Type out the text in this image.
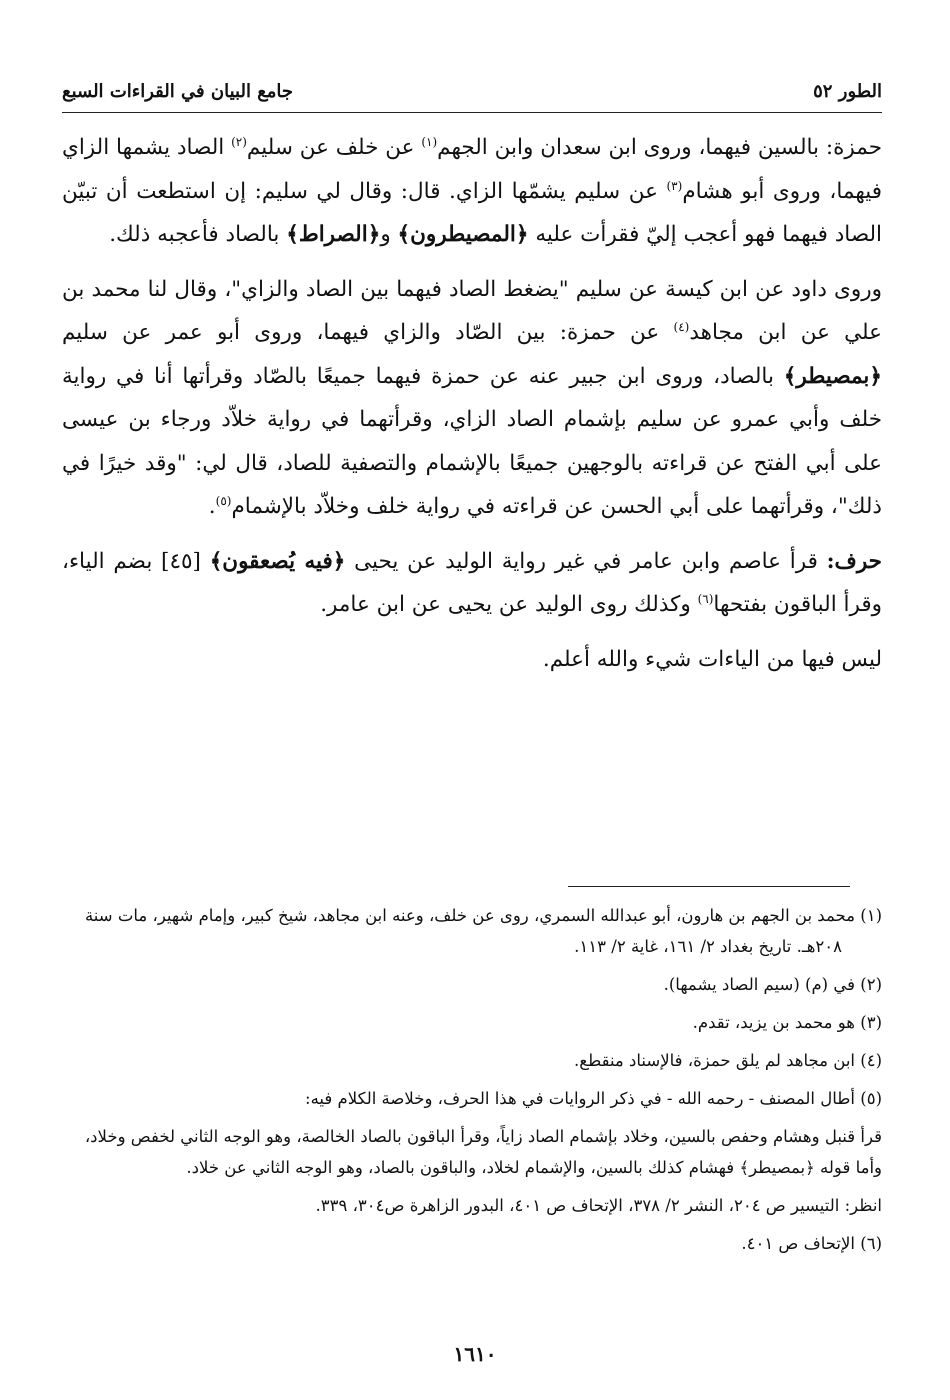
الطور ٥٢
جامع البيان في القراءات السبع

حمزة: بالسين فيهما، وروى ابن سعدان وابن الجهم$^{(١)}$ عن خلف عن سليم$^{(٢)}$ الصاد يشمها الزاي فيهما، وروى أبو هشام$^{(٣)}$ عن سليم يشمّها الزاي. قال: وقال لي سليم: إن استطعت أن تبيّن الصاد فيهما فهو أعجب إليّ فقرأت عليه ﴿المصيطرون﴾ و﴿الصراط﴾ بالصاد فأعجبه ذلك.

وروى داود عن ابن كيسة عن سليم "يضغط الصاد فيهما بين الصاد والزاي"، وقال لنا محمد بن علي عن ابن مجاهد$^{(٤)}$ عن حمزة: بين الصّاد والزاي فيهما، وروى أبو عمر عن سليم ﴿بمصيطر﴾ بالصاد، وروى ابن جبير عنه عن حمزة فيهما جميعًا بالصّاد وقرأتها أنا في رواية خلف وأبي عمرو عن سليم بإشمام الصاد الزاي، وقرأتهما في رواية خلاّد ورجاء بن عيسى على أبي الفتح عن قراءته بالوجهين جميعًا بالإشمام والتصفية للصاد، قال لي: "وقد خيرًا في ذلك"، وقرأتهما على أبي الحسن عن قراءته في رواية خلف وخلاّد بالإشمام$^{(٥)}$.

حرف: قرأ عاصم وابن عامر في غير رواية الوليد عن يحيى ﴿فيه يُصعقون﴾ [٤٥] بضم الياء، وقرأ الباقون بفتحها$^{(٦)}$ وكذلك روى الوليد عن يحيى عن ابن عامر.

ليس فيها من الياءات شيء والله أعلم.

(١) محمد بن الجهم بن هارون، أبو عبدالله السمري، روى عن خلف، وعنه ابن مجاهد، شيخ كبير، وإمام شهير، مات سنة ٢٠٨هـ. تاريخ بغداد ٢/ ١٦١، غاية ٢/ ١١٣.

(٢) في (م) (سيم الصاد يشمها).

(٣) هو محمد بن يزيد، تقدم.

(٤) ابن مجاهد لم يلق حمزة، فالإسناد منقطع.

(٥) أطال المصنف - رحمه الله - في ذكر الروايات في هذا الحرف، وخلاصة الكلام فيه:

قرأ قنبل وهشام وحفص بالسين، وخلاد بإشمام الصاد زاياً، وقرأ الباقون بالصاد الخالصة، وهو الوجه الثاني لخفص وخلاد، وأما قوله ﴿بمصيطر﴾ فهشام كذلك بالسين، والإشمام لخلاد، والباقون بالصاد، وهو الوجه الثاني عن خلاد.

انظر: التيسير ص ٢٠٤، النشر ٢/ ٣٧٨، الإتحاف ص ٤٠١، البدور الزاهرة ص٣٠٤، ٣٣٩.

(٦) الإتحاف ص ٤٠١.

١٦١٠
